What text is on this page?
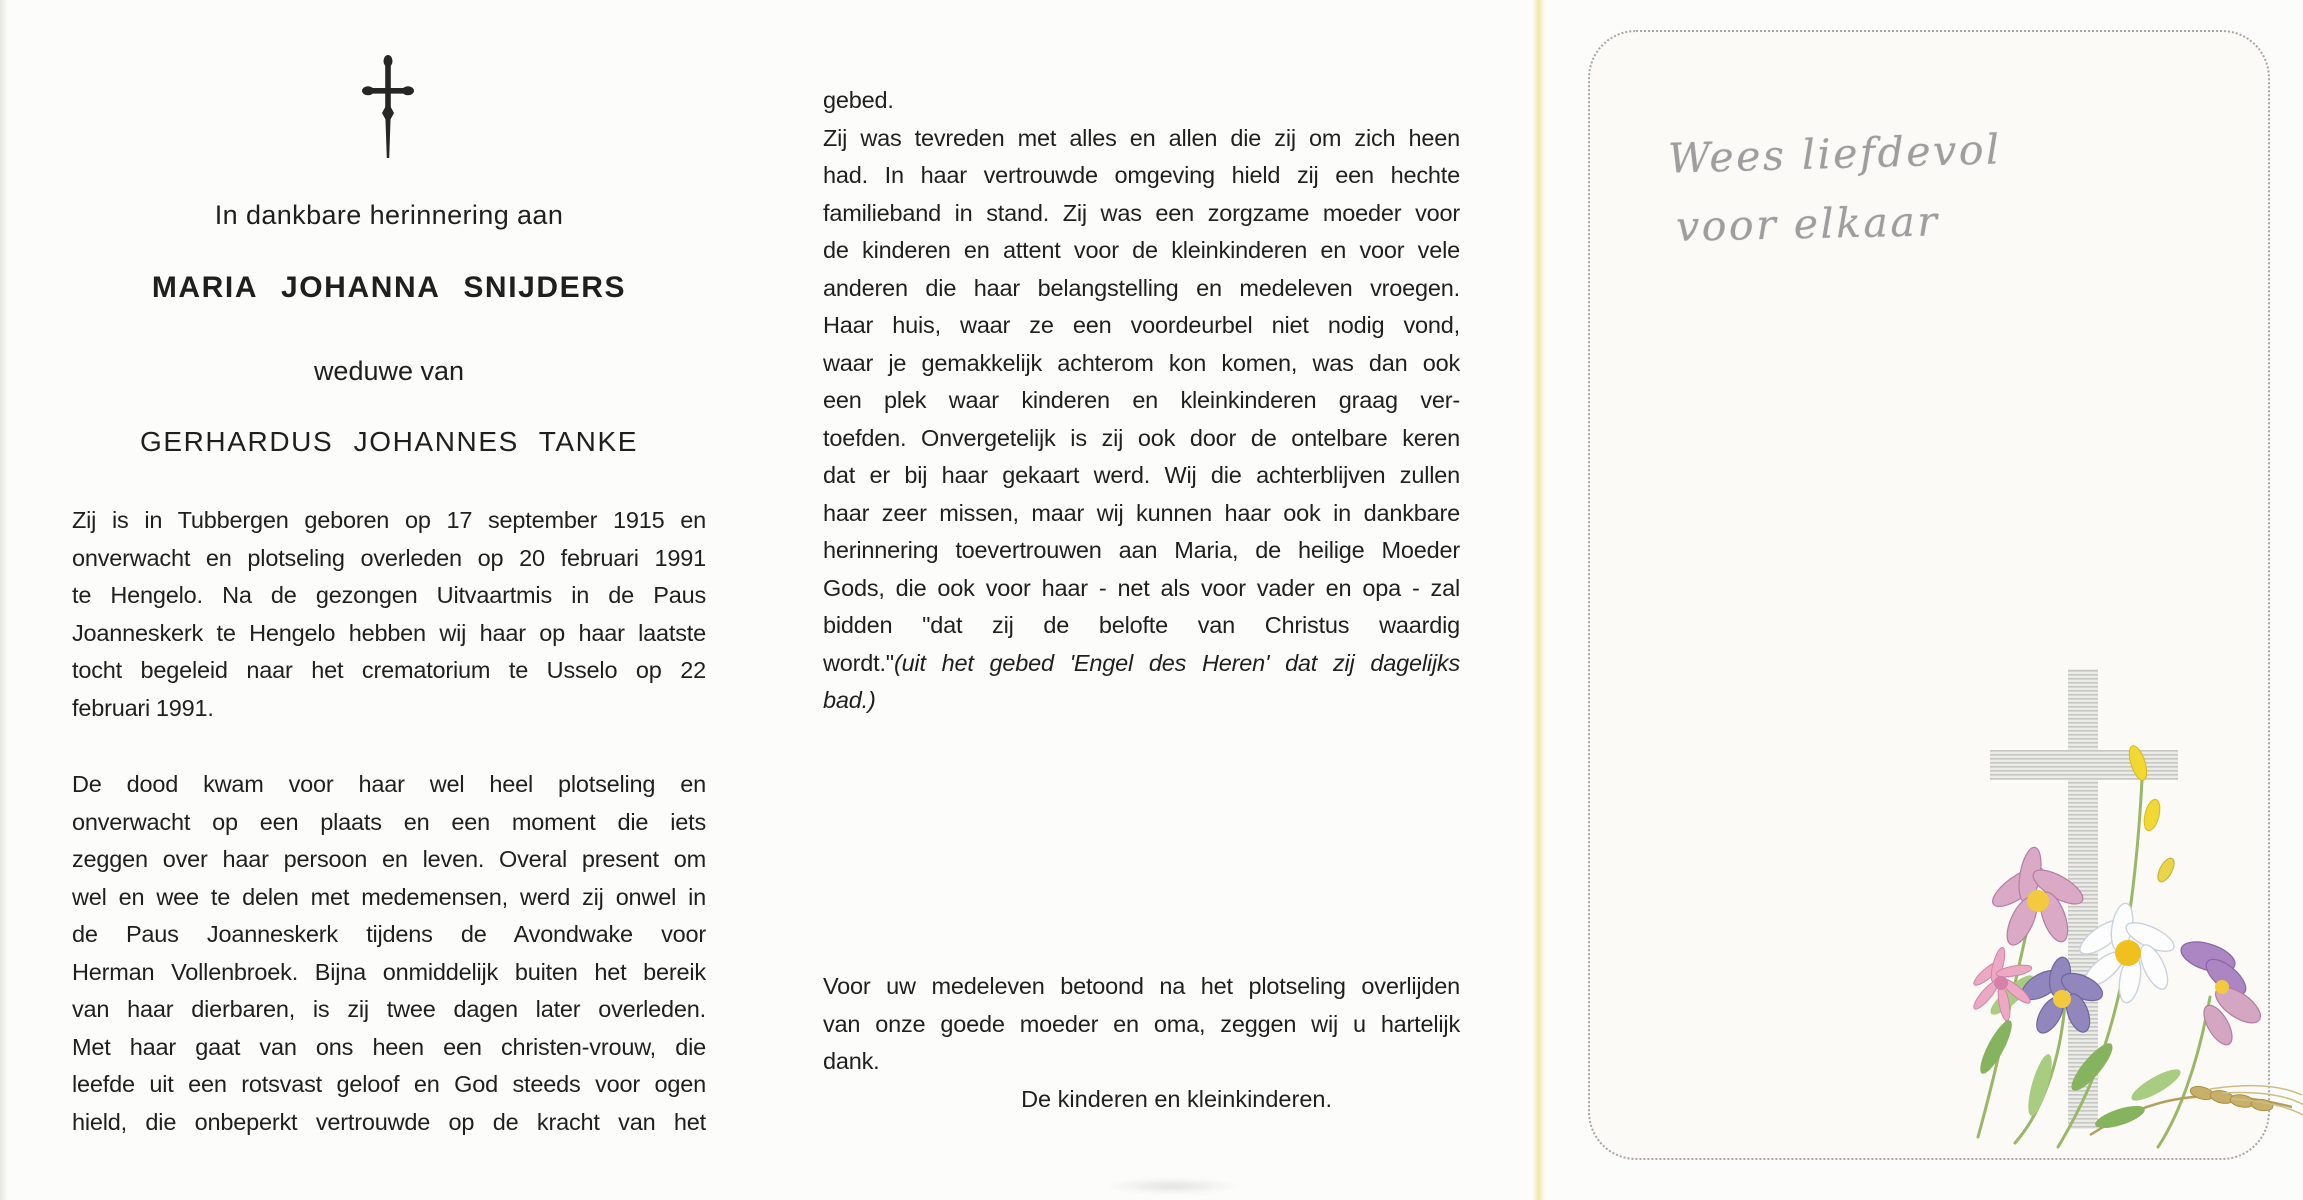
In dankbare herinnering aan
MARIA JOHANNA SNIJDERS
weduwe van
GERHARDUS JOHANNES TANKE
Zij is in Tubbergen geboren op 17 september 1915 en
onverwacht en plotseling overleden op 20 februari 1991
te Hengelo. Na de gezongen Uitvaartmis in de Paus
Joanneskerk te Hengelo hebben wij haar op haar laatste
tocht begeleid naar het crematorium te Usselo op 22
februari 1991.
De dood kwam voor haar wel heel plotseling en
onverwacht op een plaats en een moment die iets
zeggen over haar persoon en leven. Overal present om
wel en wee te delen met medemensen, werd zij onwel in
de Paus Joanneskerk tijdens de Avondwake voor
Herman Vollenbroek. Bijna onmiddelijk buiten het bereik
van haar dierbaren, is zij twee dagen later overleden.
Met haar gaat van ons heen een christen-vrouw, die
leefde uit een rotsvast geloof en God steeds voor ogen
hield, die onbeperkt vertrouwde op de kracht van het
gebed.
Zij was tevreden met alles en allen die zij om zich heen
had. In haar vertrouwde omgeving hield zij een hechte
familieband in stand. Zij was een zorgzame moeder voor
de kinderen en attent voor de kleinkinderen en voor vele
anderen die haar belangstelling en medeleven vroegen.
Haar huis, waar ze een voordeurbel niet nodig vond,
waar je gemakkelijk achterom kon komen, was dan ook
een plek waar kinderen en kleinkinderen graag ver-
toefden. Onvergetelijk is zij ook door de ontelbare keren
dat er bij haar gekaart werd. Wij die achterblijven zullen
haar zeer missen, maar wij kunnen haar ook in dankbare
herinnering toevertrouwen aan Maria, de heilige Moeder
Gods, die ook voor haar - net als voor vader en opa - zal
bidden "dat zij de belofte van Christus waardig
wordt."(uit het gebed 'Engel des Heren' dat zij dagelijks
bad.)
Voor uw medeleven betoond na het plotseling overlijden
van onze goede moeder en oma, zeggen wij u hartelijk
dank.
De kinderen en kleinkinderen.
Wees liefdevol
voor elkaar
